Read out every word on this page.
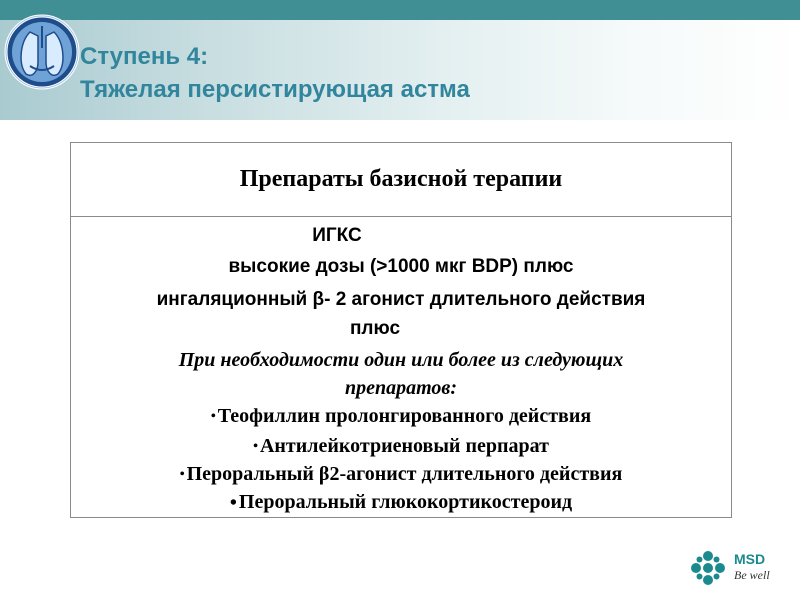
Ступень 4:
Тяжелая персистирующая астма
Препараты базисной терапии
ИГКС
высокие дозы (>1000 мкг BDP) плюс
ингаляционный β- 2 агонист длительного действия
плюс
При необходимости один или более из следующих
препаратов:
• Теофиллин пролонгированного действия
• Антилейкотриеновый перпарат
• Пероральный β2-агонист длительного действия
• Пероральный глюкокортикостероид
MSD
Be well
